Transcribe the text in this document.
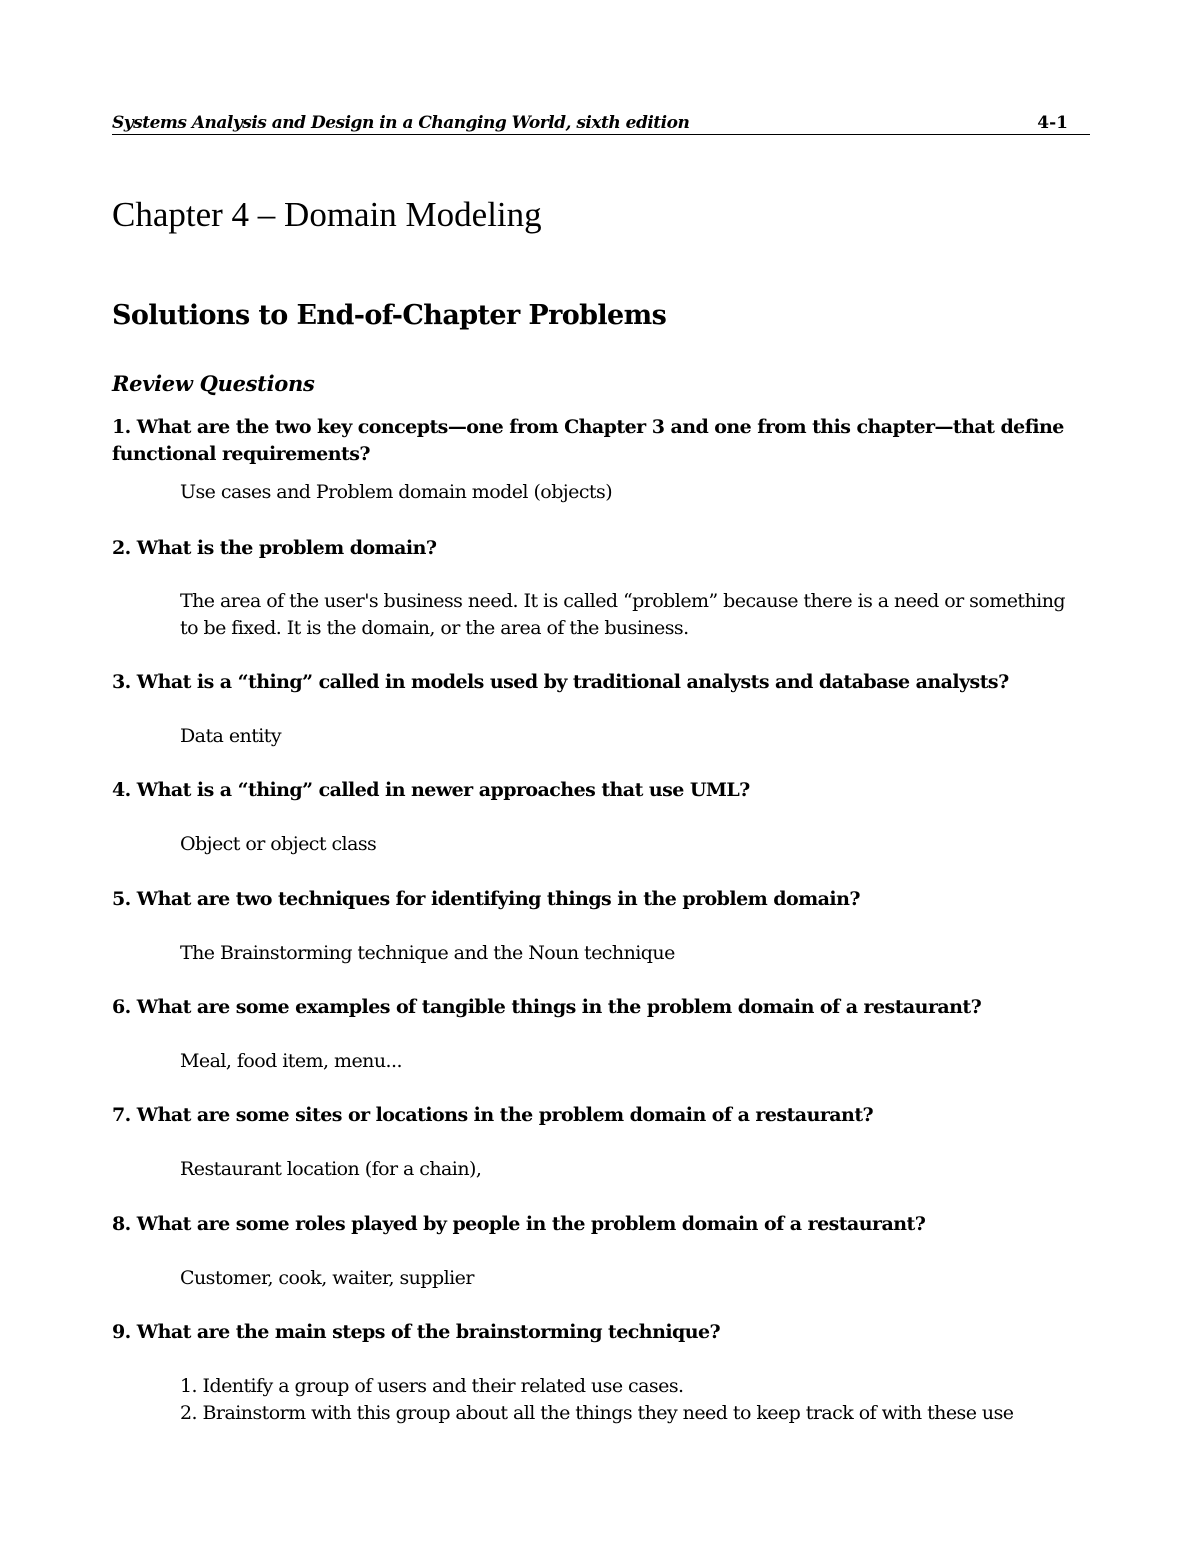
Systems Analysis and Design in a Changing World, sixth edition	4-1
Chapter 4 – Domain Modeling
Solutions to End-of-Chapter Problems
Review Questions
1. What are the two key concepts—one from Chapter 3 and one from this chapter—that define functional requirements?
Use cases and Problem domain model (objects)
2. What is the problem domain?
The area of the user's business need. It is called “problem” because there is a need or something
to be fixed. It is the domain, or the area of the business.
3. What is a “thing” called in models used by traditional analysts and database analysts?
Data entity
4. What is a “thing” called in newer approaches that use UML?
Object or object class
5. What are two techniques for identifying things in the problem domain?
The Brainstorming technique and the Noun technique
6. What are some examples of tangible things in the problem domain of a restaurant?
Meal, food item, menu...
7. What are some sites or locations in the problem domain of a restaurant?
Restaurant location (for a chain),
8. What are some roles played by people in the problem domain of a restaurant?
Customer, cook, waiter, supplier
9. What are the main steps of the brainstorming technique?
1. Identify a group of users and their related use cases.
2. Brainstorm with this group about all the things they need to keep track of with these use
